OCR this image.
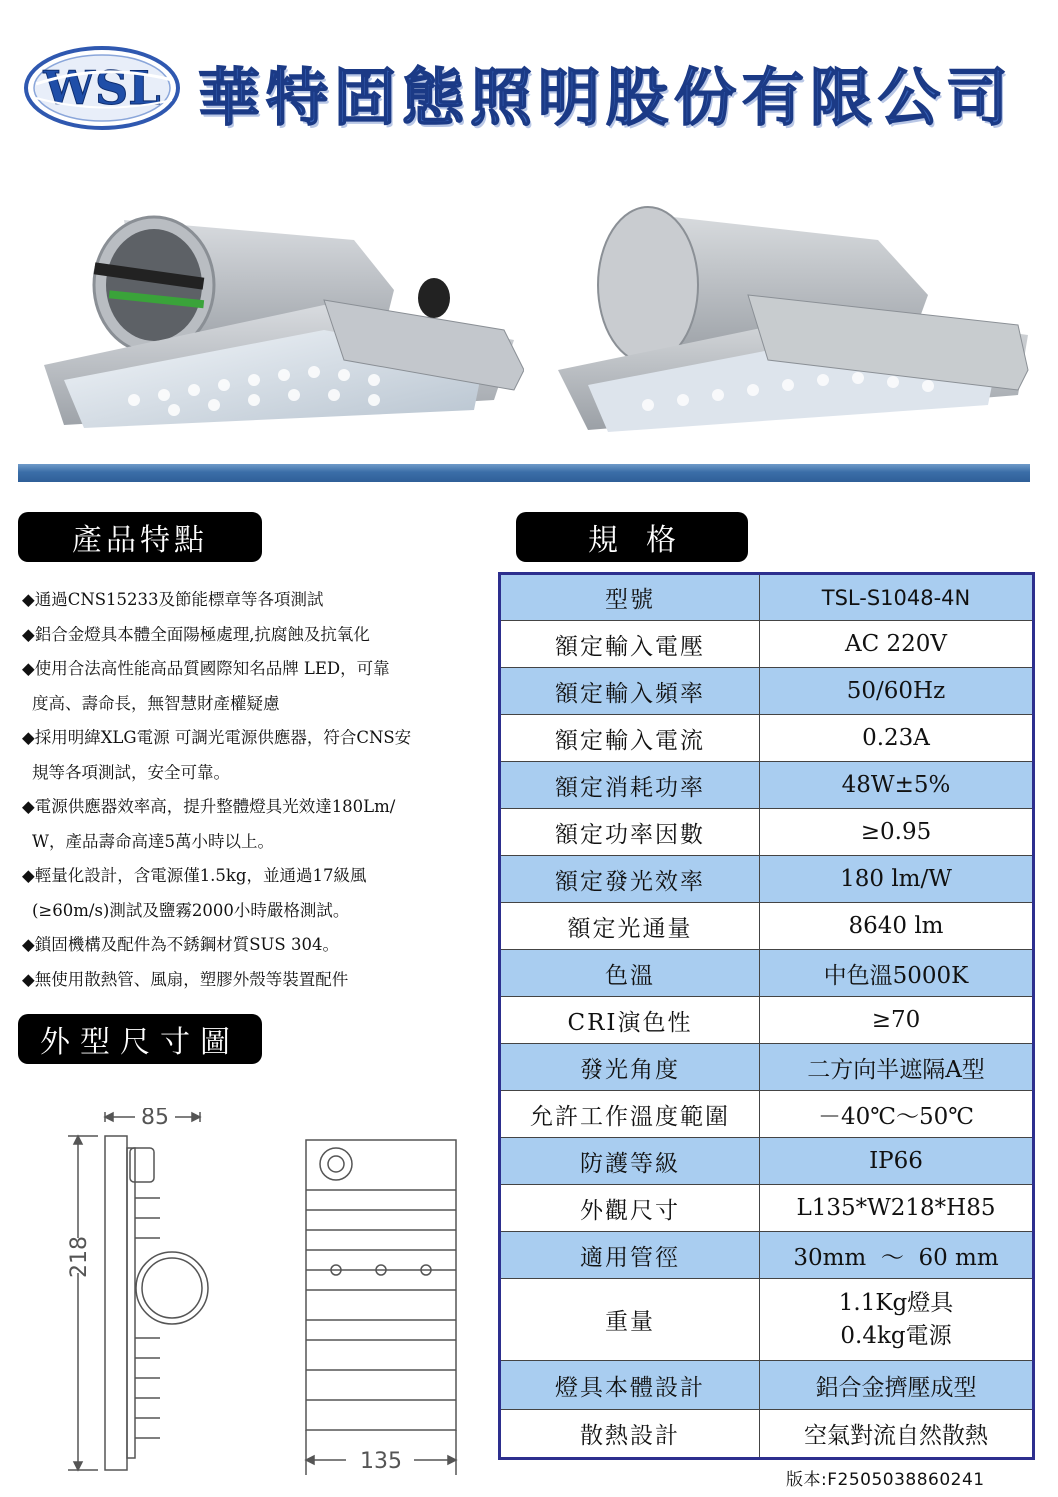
WSL 華特固態照明股份有限公司
產品特點	規格
外型尺寸圖
◆通過CNS15233及節能標章等各項測試
◆鋁合金燈具本體全面陽極處理,抗腐蝕及抗氧化
◆使用合法高性能高品質國際知名品牌 LED，可靠
度高、壽命長，無智慧財產權疑慮
◆採用明緯XLG電源 可調光電源供應器，符合CNS安
規等各項測試，安全可靠。
◆電源供應器效率高，提升整體燈具光效達180Lm/
W，產品壽命高達5萬小時以上。
◆輕量化設計，含電源僅1.5kg，並通過17級風
(≥60m/s)測試及鹽霧2000小時嚴格測試。
◆鎖固機構及配件為不銹鋼材質SUS 304。
◆無使用散熱管、風扇，塑膠外殼等裝置配件
型號	TSL-S1048-4N
額定輸入電壓	AC 220V
額定輸入頻率	50/60Hz
額定輸入電流	0.23A
額定消耗功率	48W±5%
額定功率因數	≥0.95
額定發光效率	180 lm/W
額定光通量	8640 lm
色溫	中色溫5000K
CRI演色性	≥70
發光角度	二方向半遮隔A型
允許工作溫度範圍	－40℃～50℃
防護等級	IP66
外觀尺寸	L135*W218*H85
適用管徑	30mm  ～  60 mm
重量	1.1Kg燈具
0.4kg電源

燈具本體設計	鋁合金擠壓成型
散熱設計	空氣對流自然散熱
版本:F2505038860241
85
218
135
